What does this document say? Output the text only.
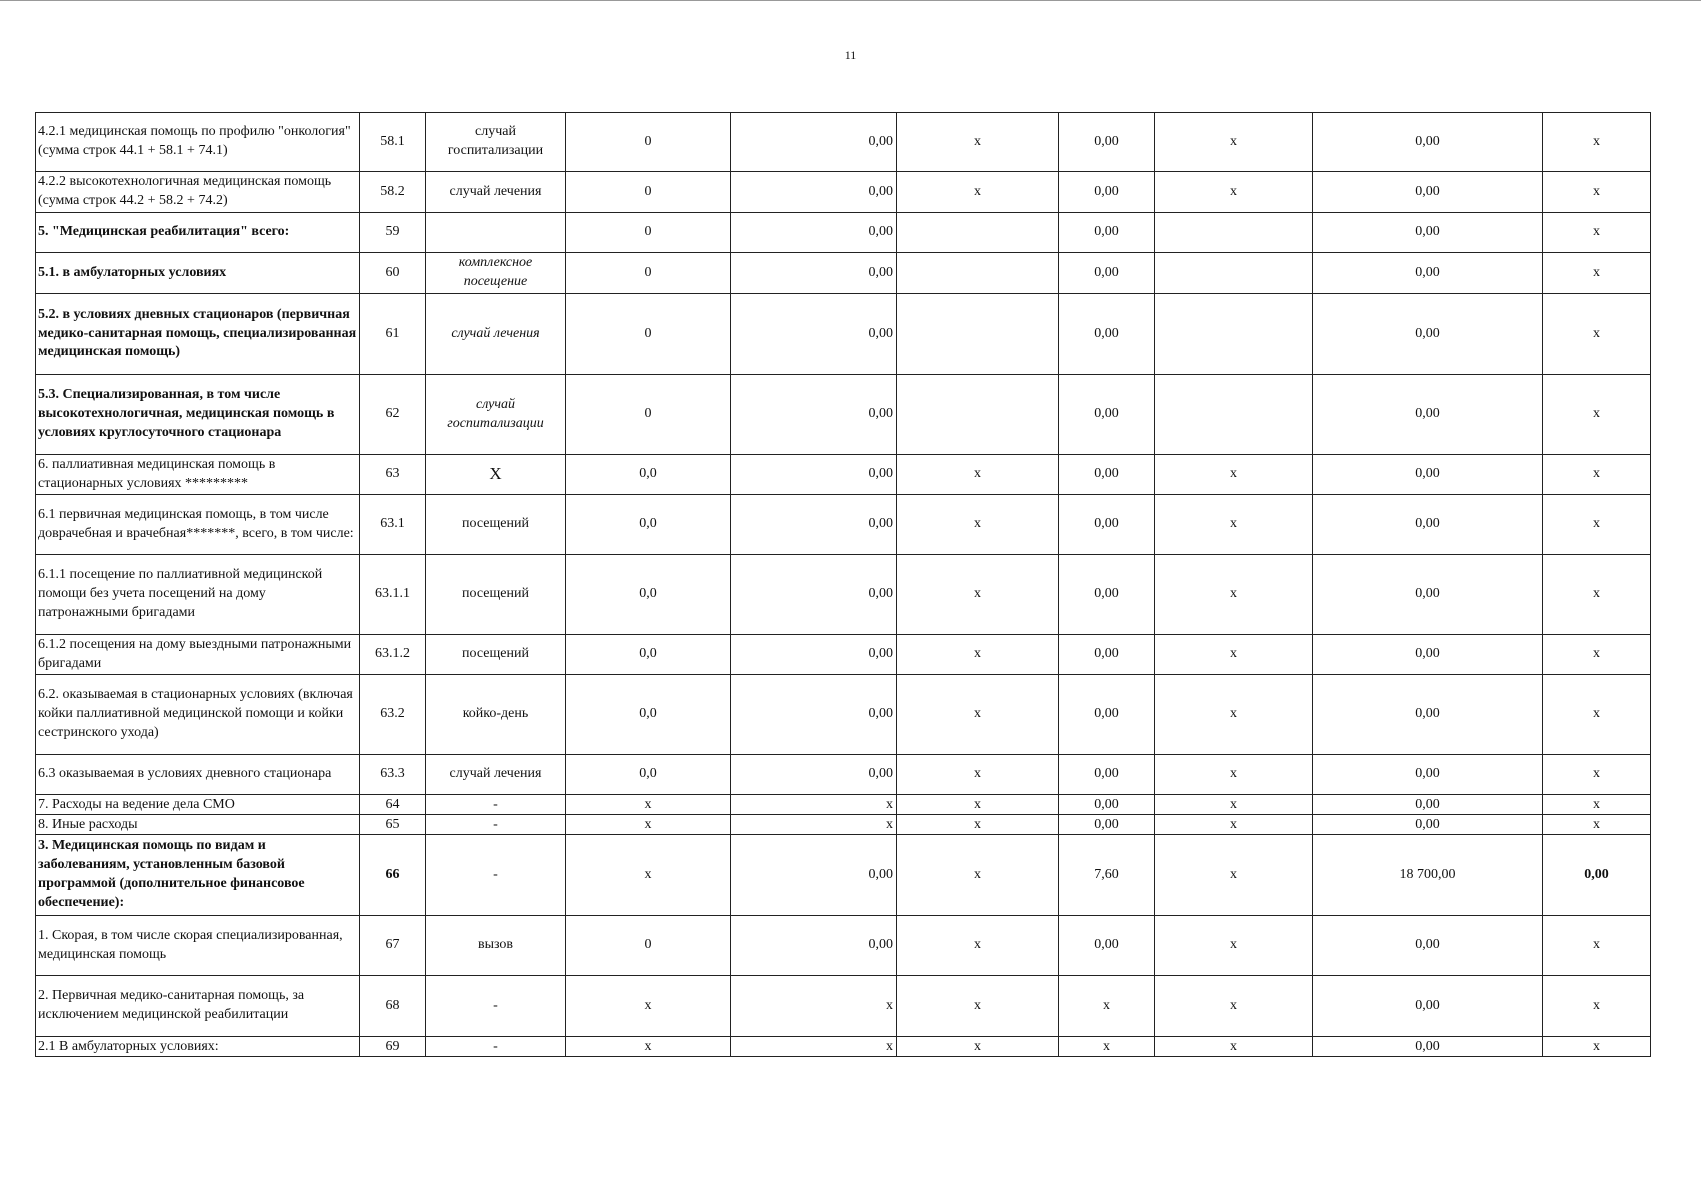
11
4.2.1 медицинская помощь по профилю "онкология" (сумма строк 44.1 + 58.1 + 74.1)	58.1	случай госпитализации	0	0,00	х	0,00	х	0,00	х
4.2.2 высокотехнологичная медицинская помощь (сумма строк 44.2 + 58.2 + 74.2)	58.2	случай лечения	0	0,00	х	0,00	х	0,00	х
5. "Медицинская реабилитация" всего:	59		0	0,00		0,00		0,00	х
5.1. в амбулаторных условиях	60	комплексное посещение	0	0,00		0,00		0,00	х
5.2. в условиях дневных стационаров (первичная медико-санитарная помощь, специализированная медицинская помощь)	61	случай лечения	0	0,00		0,00		0,00	х
5.3. Специализированная, в том числе высокотехнологичная, медицинская помощь в условиях круглосуточного стационара	62	случай госпитализации	0	0,00		0,00		0,00	х
6. паллиативная медицинская помощь в стационарных условиях *********	63	Х	0,0	0,00	х	0,00	х	0,00	х
6.1 первичная медицинская помощь, в том числе доврачебная и врачебная*******, всего, в том числе:	63.1	посещений	0,0	0,00	х	0,00	х	0,00	х
6.1.1 посещение по паллиативной медицинской помощи без учета посещений на дому патронажными бригадами	63.1.1	посещений	0,0	0,00	х	0,00	х	0,00	х
6.1.2 посещения на дому выездными патронажными бригадами	63.1.2	посещений	0,0	0,00	х	0,00	х	0,00	х
6.2. оказываемая в стационарных условиях (включая койки паллиативной медицинской помощи и койки сестринского ухода)	63.2	койко-день	0,0	0,00	х	0,00	х	0,00	х
6.3 оказываемая в условиях дневного стационара	63.3	случай лечения	0,0	0,00	х	0,00	х	0,00	х
7. Расходы на ведение дела СМО	64	-	х	х	х	0,00	х	0,00	х
8. Иные расходы	65	-	х	х	х	0,00	х	0,00	х
3. Медицинская помощь по видам и заболеваниям, установленным базовой программой (дополнительное финансовое обеспечение):	66	-	х	0,00	х	7,60	х	18 700,00	0,00
1. Скорая, в том числе скорая специализированная, медицинская помощь	67	вызов	0	0,00	х	0,00	х	0,00	х
2. Первичная медико-санитарная помощь, за исключением медицинской реабилитации	68	-	х	х	х	х	х	0,00	х
2.1 В амбулаторных условиях:	69	-	х	х	х	х	х	0,00	х
